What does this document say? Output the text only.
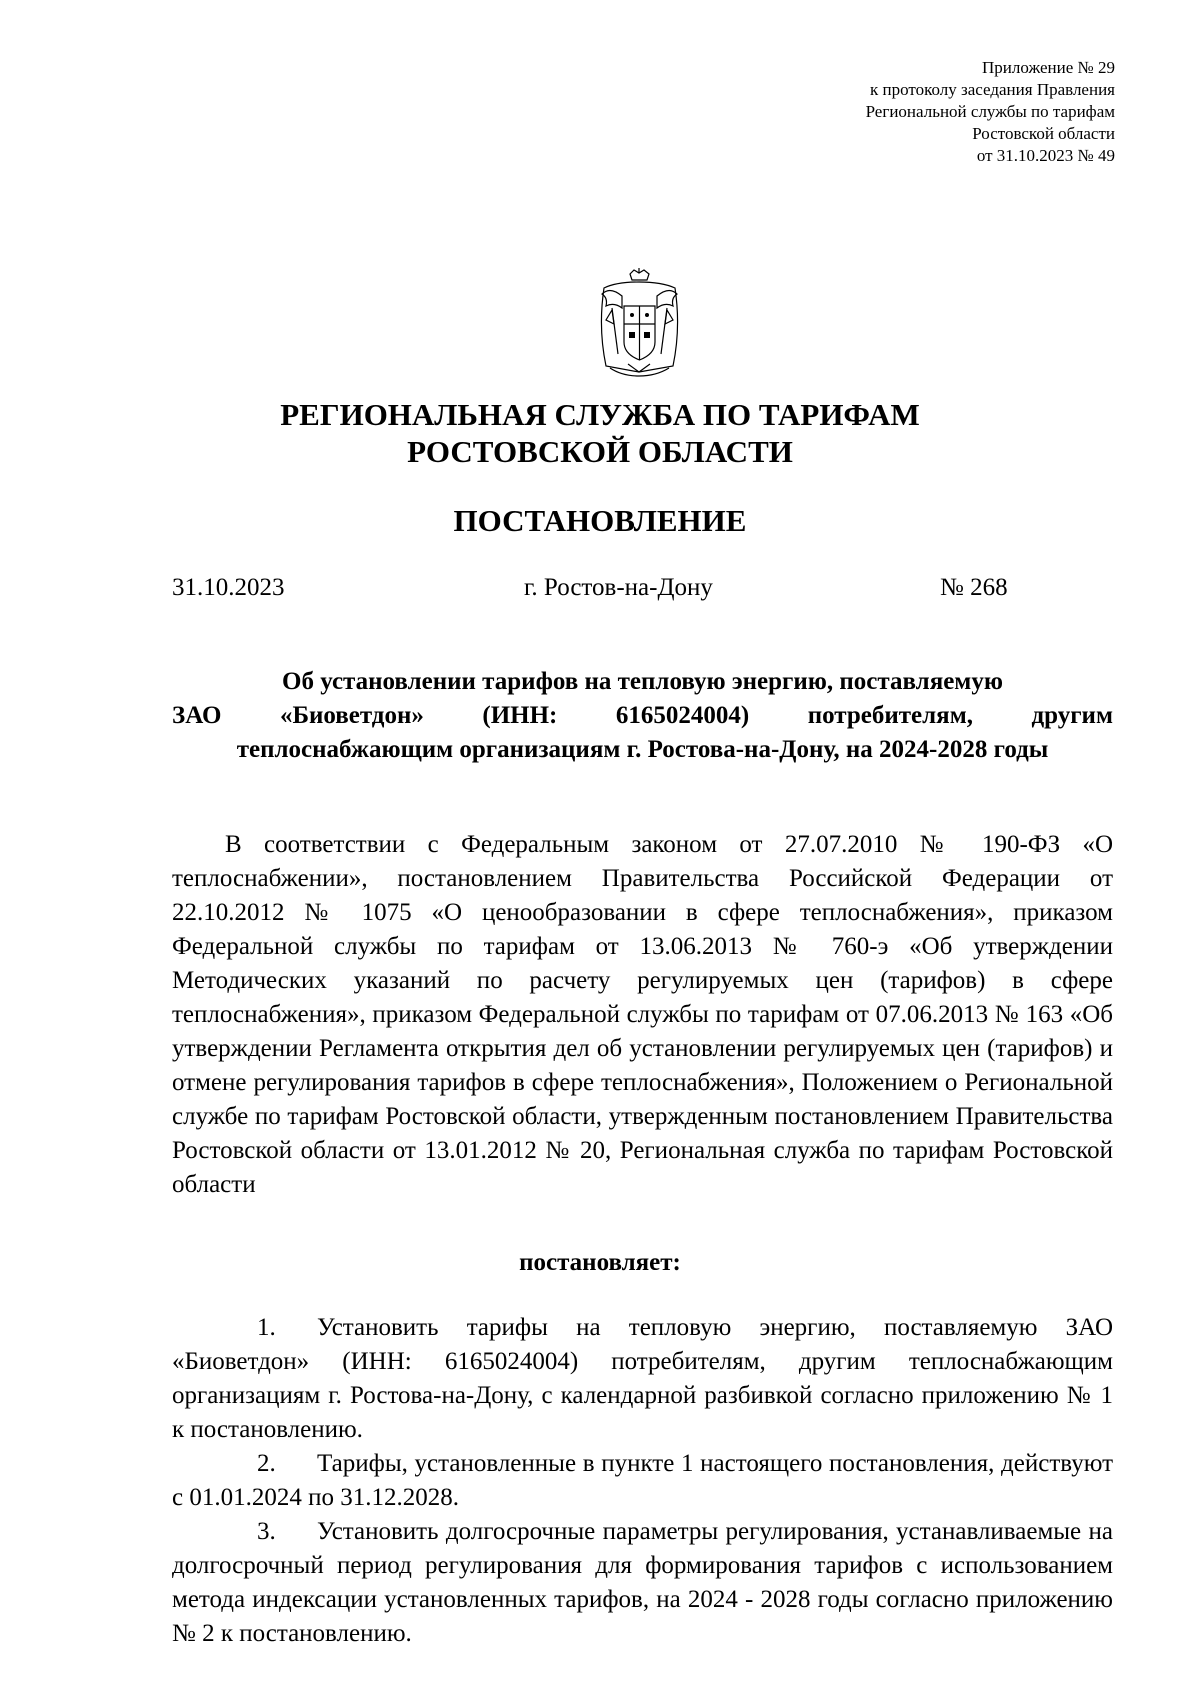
Приложение № 29
к протоколу заседания Правления
Региональной службы по тарифам
Ростовской области
от 31.10.2023 № 49
РЕГИОНАЛЬНАЯ СЛУЖБА ПО ТАРИФАМ
РОСТОВСКОЙ ОБЛАСТИ
ПОСТАНОВЛЕНИЕ
31.10.2023	г. Ростов-на-Дону	№ 268
Об установлении тарифов на тепловую энергию, поставляемую
ЗАО «Биоветдон» (ИНН: 6165024004) потребителям, другим
теплоснабжающим организациям г. Ростова-на-Дону, на 2024-2028 годы
В соответствии с Федеральным законом от 27.07.2010 № 190-ФЗ «О теплоснабжении», постановлением Правительства Российской Федерации от 22.10.2012 № 1075 «О ценообразовании в сфере теплоснабжения», приказом Федеральной службы по тарифам от 13.06.2013 № 760-э «Об утверждении Методических указаний по расчету регулируемых цен (тарифов) в сфере теплоснабжения», приказом Федеральной службы по тарифам от 07.06.2013 № 163 «Об утверждении Регламента открытия дел об установлении регулируемых цен (тарифов) и отмене регулирования тарифов в сфере теплоснабжения», Положением о Региональной службе по тарифам Ростовской области, утвержденным постановлением Правительства Ростовской области от 13.01.2012 № 20, Региональная служба по тарифам Ростовской области
постановляет:
1. Установить тарифы на тепловую энергию, поставляемую ЗАО «Биоветдон» (ИНН: 6165024004) потребителям, другим теплоснабжающим организациям г. Ростова-на-Дону, с календарной разбивкой согласно приложению № 1 к постановлению.
2. Тарифы, установленные в пункте 1 настоящего постановления, действуют с 01.01.2024 по 31.12.2028.
3. Установить долгосрочные параметры регулирования, устанавливаемые на долгосрочный период регулирования для формирования тарифов с использованием метода индексации установленных тарифов, на 2024 - 2028 годы согласно приложению № 2 к постановлению.
